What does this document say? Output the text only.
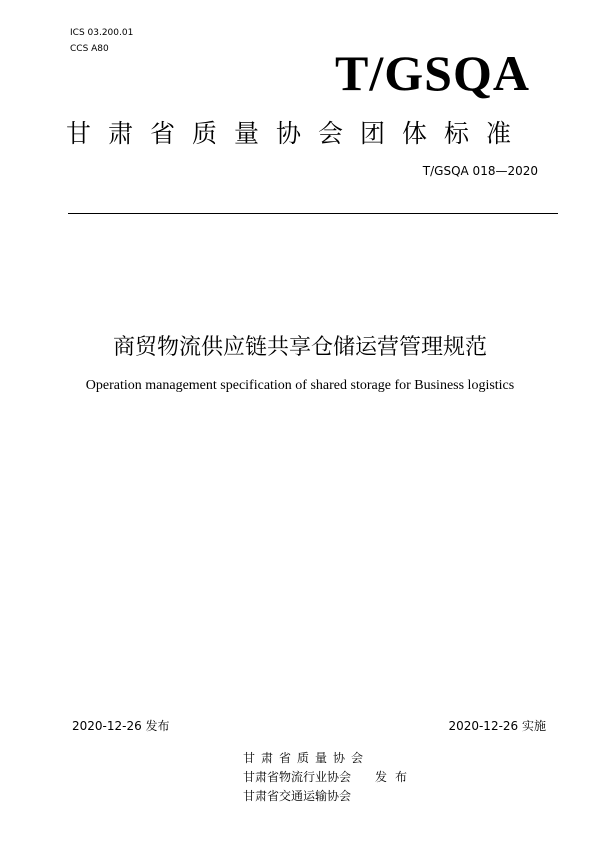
ICS 03.200.01
CCS A80	T/GSQA
甘肃省质量协会团体标准
T/GSQA 018—2020
商贸物流供应链共享仓储运营管理规范
Operation management specification of shared storage for Business logistics
2020-12-26 发布	2020-12-26 实施
甘肃省质量协会
甘肃省物流行业协会 发布
甘肃省交通运输协会
